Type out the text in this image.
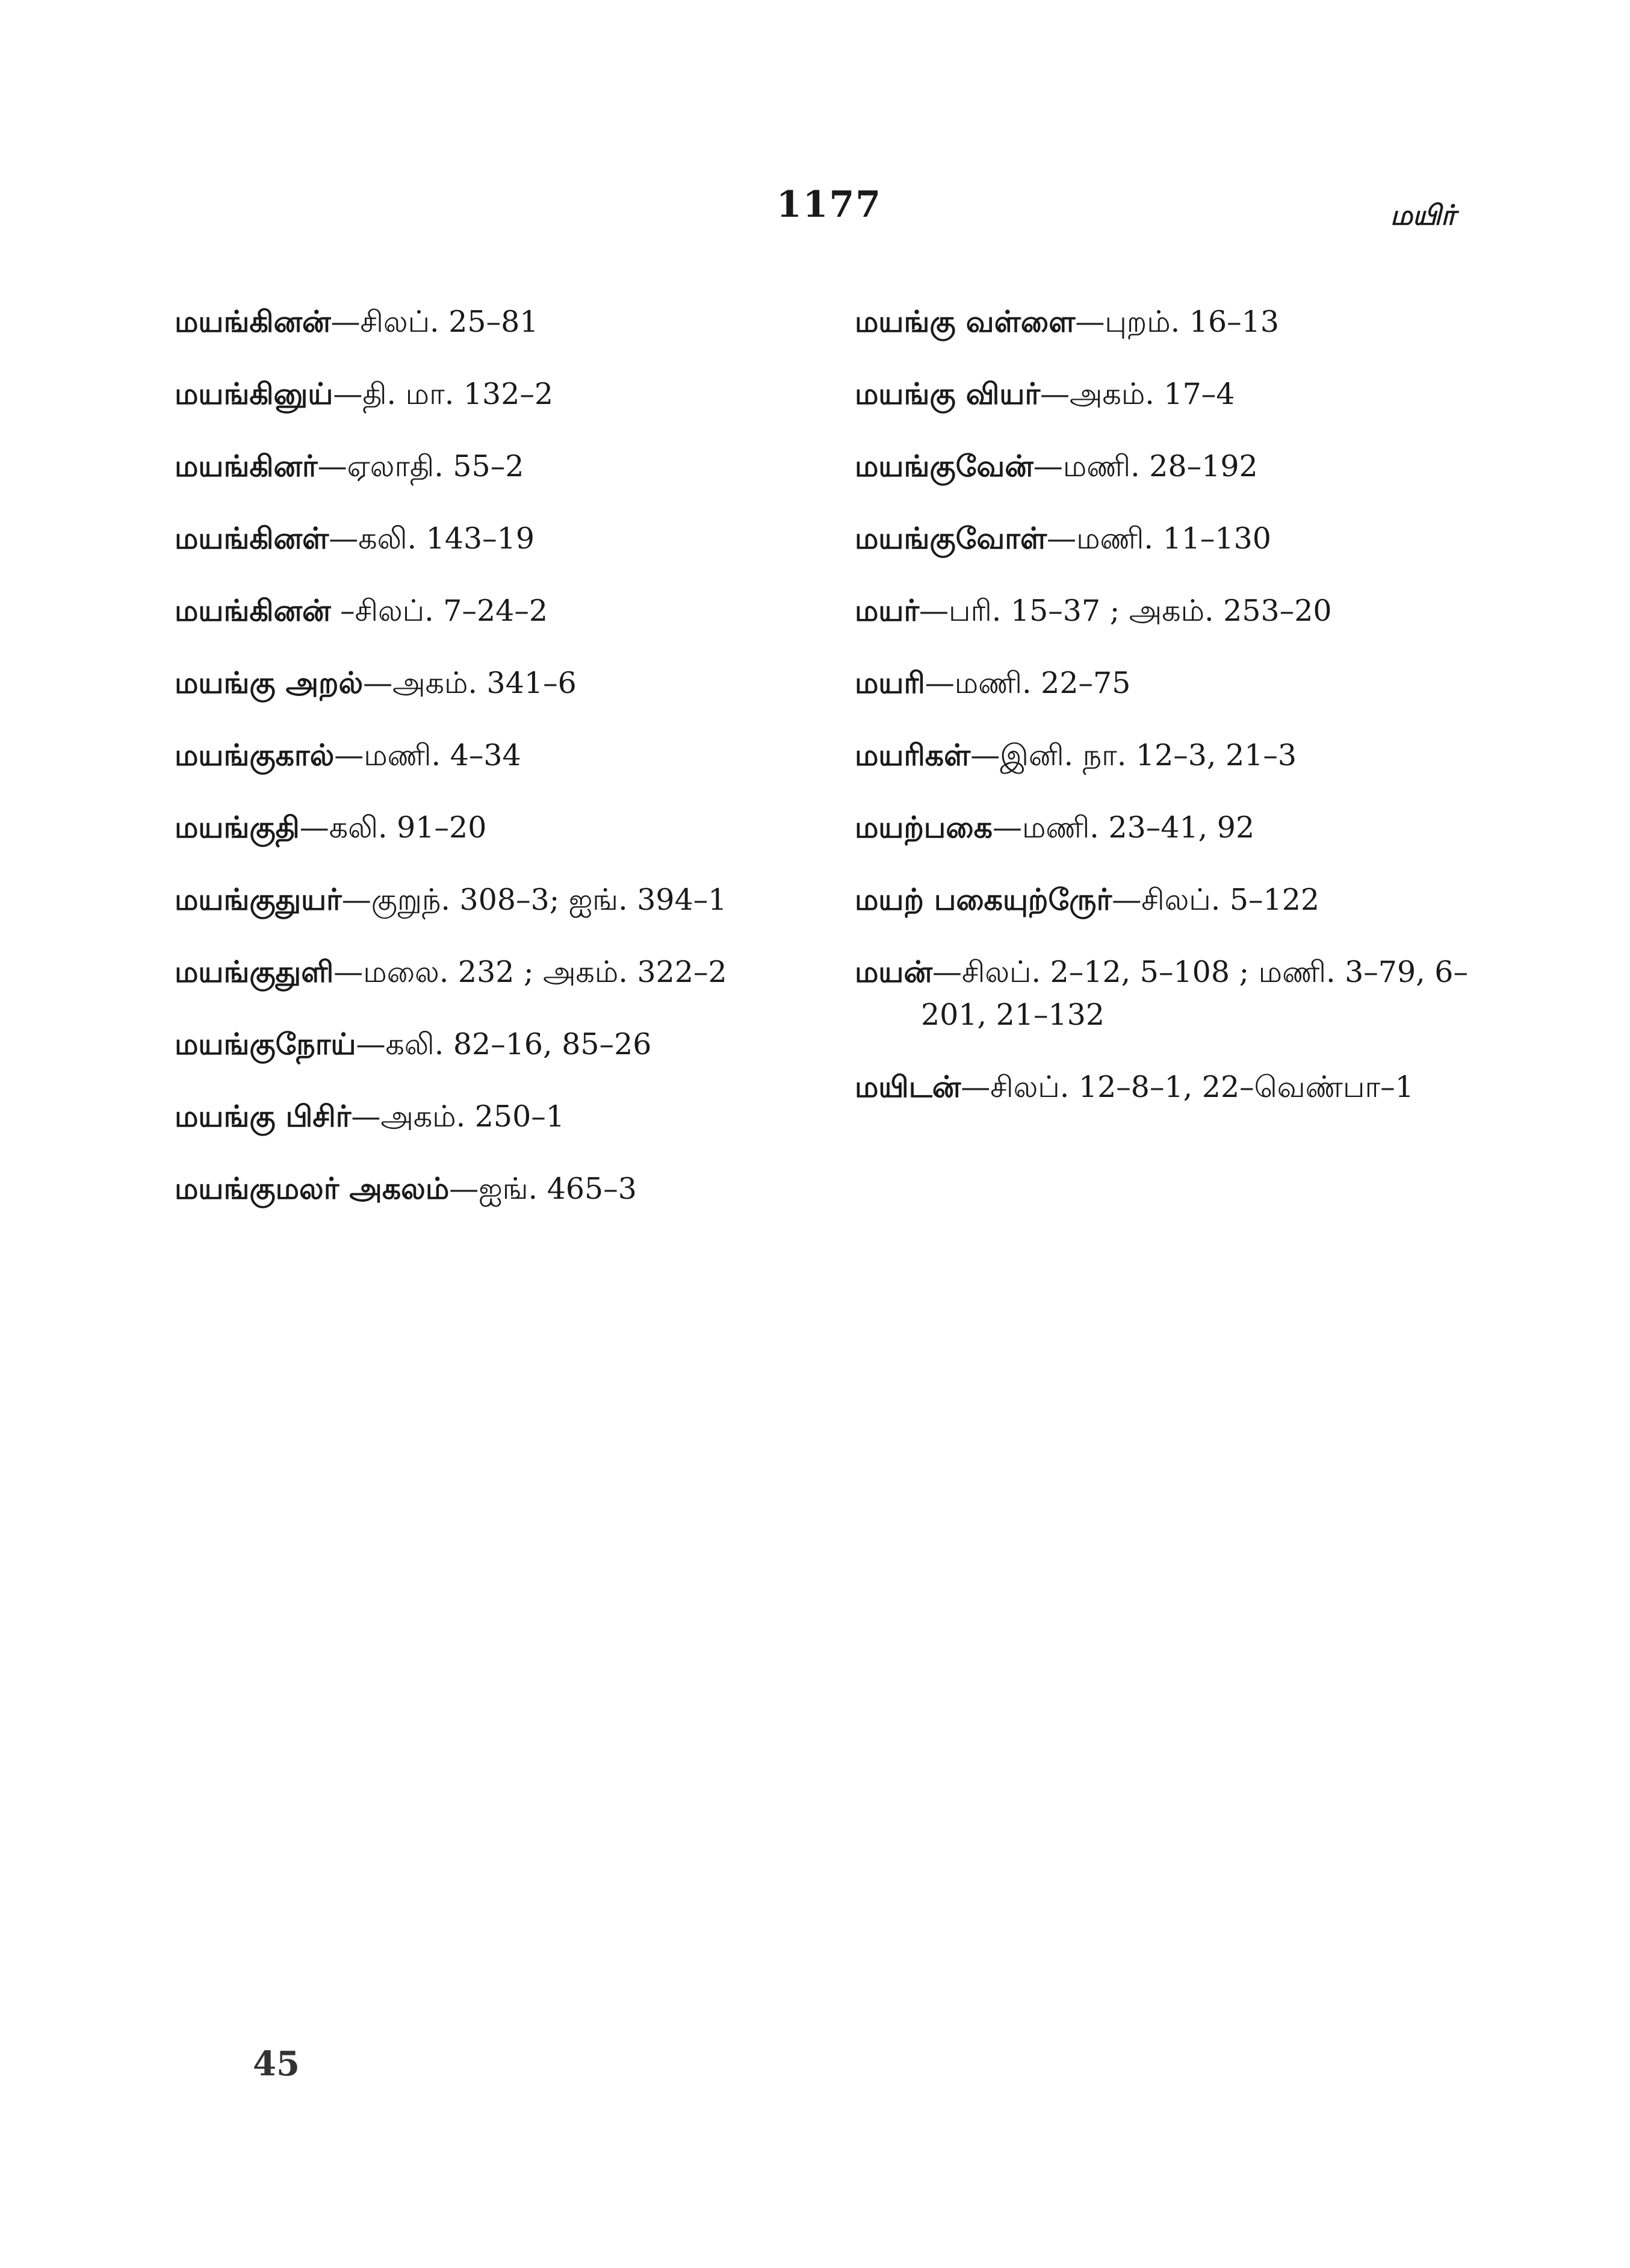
1177	மயிர்

மயங்கினன்—சிலப். 25–81

மயங்கினுய்—தி. மா. 132–2

மயங்கினர்—ஏலாதி. 55–2

மயங்கினள்—கலி. 143–19

மயங்கினன் –சிலப். 7–24–2

மயங்கு அறல்—அகம். 341–6

மயங்குகால்—மணி. 4–34

மயங்குதி—கலி. 91–20

மயங்குதுயர்—குறுந். 308–3; ஐங். 394–1

மயங்குதுளி—மலை. 232 ; அகம். 322–2

மயங்குநோய்—கலி. 82–16, 85–26

மயங்கு பிசிர்—அகம். 250–1

மயங்குமலர் அகலம்—ஐங். 465–3

மயங்கு வள்ளை—புறம். 16–13

மயங்கு வியர்—அகம். 17–4

மயங்குவேன்—மணி. 28–192

மயங்குவோள்—மணி. 11–130

மயர்—பரி. 15–37 ; அகம். 253–20

மயரி—மணி. 22–75

மயரிகள்—இனி. நா. 12–3, 21–3

மயற்பகை—மணி. 23–41, 92

மயற் பகையுற்ருேர்—சிலப். 5–122

மயன்—சிலப். 2–12, 5–108 ; மணி. 3–79, 6–201, 21–132

மயிடன்—சிலப். 12–8–1, 22–வெண்பா–1

45
